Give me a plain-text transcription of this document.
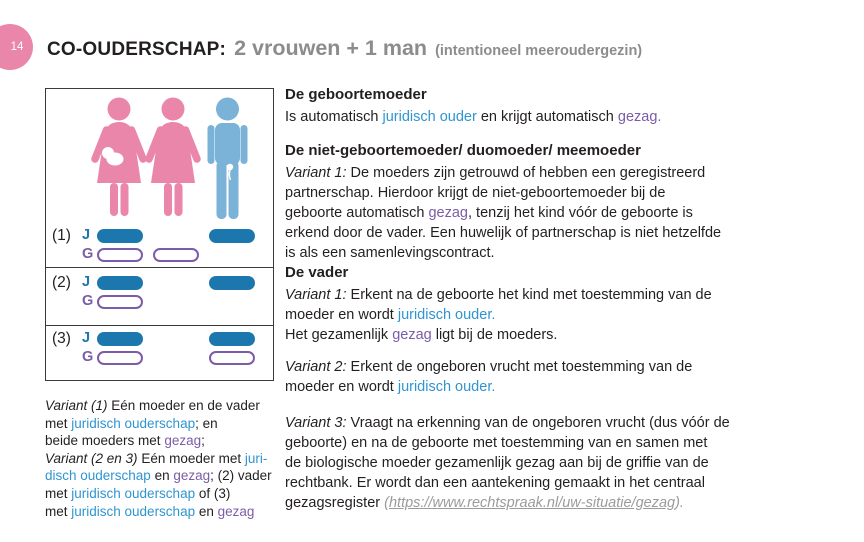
14 CO-OUDERSCHAP: 2 vrouwen + 1 man (intentioneel meeroudergezin)
(1) J
G
(2) J
G
(3) J
G
Variant (1) Eén moeder en de vader
met juridisch ouderschap; en
beide moeders met gezag;
Variant (2 en 3) Eén moeder met juri-
disch ouderschap en gezag; (2) vader
met juridisch ouderschap of (3)
met juridisch ouderschap en gezag
De geboortemoeder
Is automatisch juridisch ouder en krijgt automatisch gezag.
De niet-geboortemoeder/ duomoeder/ meemoeder
Variant 1: De moeders zijn getrouwd of hebben een geregistreerd
partnerschap. Hierdoor krijgt de niet-geboortemoeder bij de
geboorte automatisch gezag, tenzij het kind vóór de geboorte is
erkend door de vader. Een huwelijk of partnerschap is niet hetzelfde
is als een samenlevingscontract.
De vader
Variant 1: Erkent na de geboorte het kind met toestemming van de
moeder en wordt juridisch ouder.
Het gezamenlijk gezag ligt bij de moeders.
Variant 2: Erkent de ongeboren vrucht met toestemming van de
moeder en wordt juridisch ouder.
Variant 3: Vraagt na erkenning van de ongeboren vrucht (dus vóór de
geboorte) en na de geboorte met toestemming van en samen met
de biologische moeder gezamenlijk gezag aan bij de griffie van de
rechtbank. Er wordt dan een aantekening gemaakt in het centraal
gezagsregister (https://www.rechtspraak.nl/uw-situatie/gezag).
